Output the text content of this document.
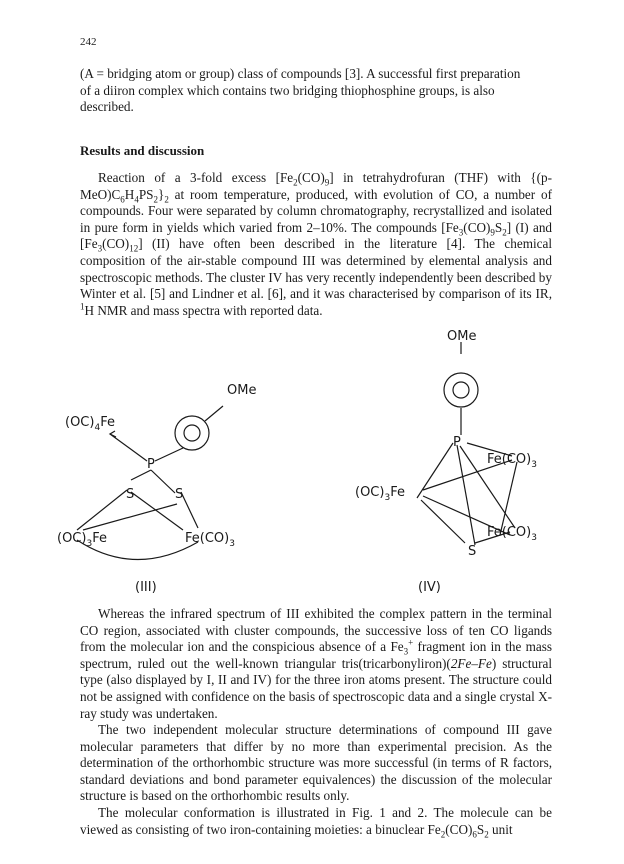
242

(A = bridging atom or group) class of compounds [3]. A successful first preparation

of a diiron complex which contains two bridging thiophosphine groups, is also

described.

Results and discussion

Reaction of a 3-fold excess $[Fe_2(CO)_9]$ in tetrahydrofuran (THF) with $\{(p-MeO)C_6H_4PS_2\}_2$ at room temperature, produced, with evolution of CO, a number of compounds. Four were separated by column chromatography, recrystallized and isolated in pure form in yields which varied from 2–10%. The compounds $[Fe_3(CO)_9S_2]$ (I) and $[Fe_3(CO)_{12}]$ (II) have often been described in the literature [4]. The chemical composition of the air-stable compound III was determined by elemental analysis and spectroscopic methods. The cluster IV has very recently independently been described by Winter et al. [5] and Lindner et al. [6], and it was characterised by comparison of its IR, $^1$H NMR and mass spectra with reported data.

OMe
$(OC)_4^{Fe}$
P
S	S
$(OC)_3^{Fe}$	$Fe(CO)_3$
(III)
OMe
P
$Fe(CO)_3$
$(OC)_3^{Fe}$
$Fe(CO)_3$
S
(IV)

Whereas the infrared spectrum of III exhibited the complex pattern in the terminal CO region, associated with cluster compounds, the successive loss of ten CO ligands from the molecular ion and the conspicious absence of a $Fe_3^+$ fragment ion in the mass spectrum, ruled out the well-known triangular tris(tricarbonyliron)(2Fe–Fe) structural type (also displayed by I, II and IV) for the three iron atoms present. The structure could not be assigned with confidence on the basis of spectroscopic data and a single crystal X-ray study was undertaken.

The two independent molecular structure determinations of compound III gave molecular parameters that differ by no more than experimental precision. As the determination of the orthorhombic structure was more successful (in terms of R factors, standard deviations and bond parameter equivalences) the discussion of the molecular structure is based on the orthorhombic results only.

The molecular conformation is illustrated in Fig. 1 and 2. The molecule can be viewed as consisting of two iron-containing moieties: a binuclear $Fe_2(CO)_6S_2$ unit
